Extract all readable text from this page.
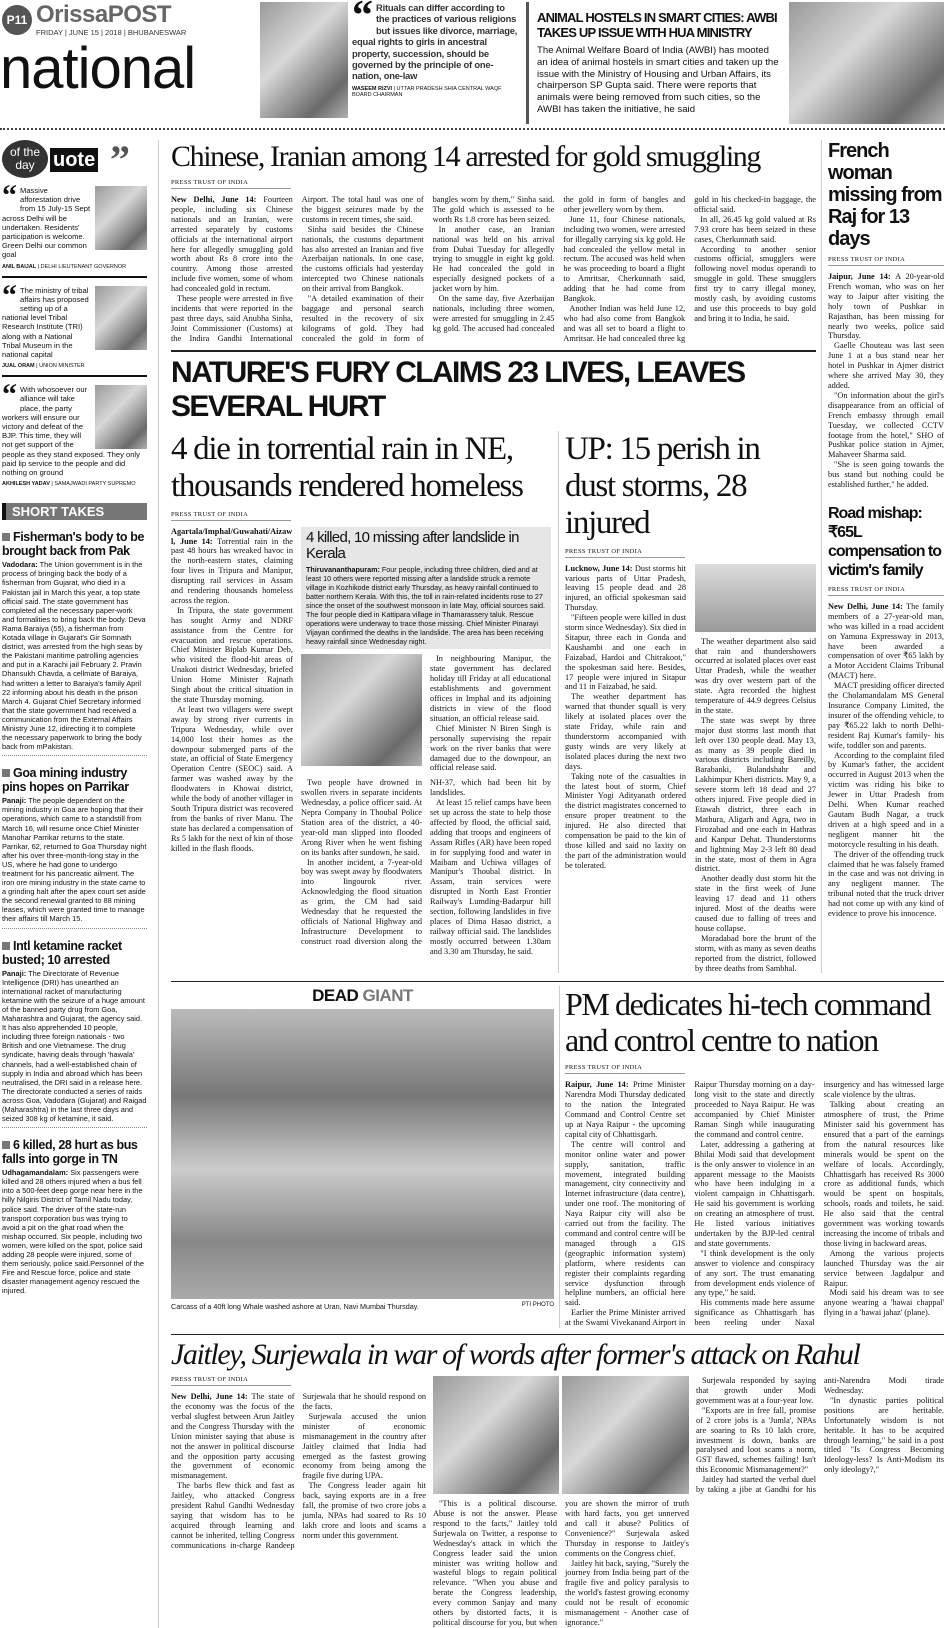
P11 OrissaPOST
FRIDAY | JUNE 15 | 2018 | BHUBANESWAR
national
“ Rituals can differ according to the practices of various religions but issues like divorce, marriage, equal rights to girls in ancestral property, succession, should be governed by the principle of one-nation, one-law
WASEEM RIZVI | UTTAR PRADESH SHIA CENTRAL WAQF BOARD CHAIRMAN
ANIMAL HOSTELS IN SMART CITIES: AWBI TAKES UP ISSUE WITH HUA MINISTRY
The Animal Welfare Board of India (AWBI) has mooted an idea of animal hostels in smart cities and taken up the issue with the Ministry of Housing and Urban Affairs, its chairperson SP Gupta said. There were reports that animals were being removed from such cities, so the AWBI has taken the initiative, he said
of the day uote ”
“ Massive afforestation drive from 15 July-15 Sept across Delhi will be undertaken. Residents' participation is welcome. Green Delhi our common goal
ANIL BAIJAL | DELHI LIEUTENANT GOVERNOR
“ The ministry of tribal affairs has proposed setting up of a national level Tribal Research Institute (TRI) along with a National Tribal Museum in the national capital
JUAL ORAM | UNION MINISTER
“ With whosoever our alliance will take place, the party workers will ensure our victory and defeat of the BJP. This time, they will not get support of the people as they stand exposed. They only paid lip service to the people and did nothing on ground
AKHILESH YADAV | SAMAJWADI PARTY SUPREMO
SHORT TAKES
Fisherman's body to be brought back from Pak
Vadodara: The Union government is in the process of bringing back the body of a fisherman from Gujarat, who died in a Pakistan jail in March this year, a top state official said. The state government has completed all the necessary paper-work and formalities to bring back the body. Deva Rama Baraiya (55), a fisherman from Kotada village in Gujarat's Gir Somnath district, was arrested from the high seas by the Pakistani maritime patrolling agencies and put in a Karachi jail February 2. Pravin Dhansukh Chavda, a cellmate of Baraiya, had written a letter to Baraiya's family April 22 informing about his death in the prison March 4. Gujarat Chief Secretary informed that the state government had received a communication from the External Affairs Ministry June 12, idirecting it to complete the necessary paperwork to bring the body back from mPakistan.
Goa mining industry pins hopes on Parrikar
Panaji: The people dependent on the mining industry in Goa are hoping that their operations, which came to a standstill from March 16, will resume once Chief Minister Manohar Parrikar returns to the state. Parrikar, 62, returned to Goa Thursday night after his over three-month-long stay in the US, where he had gone to undergo treatment for his pancreatic ailment. The iron ore mining industry in the state came to a grinding halt after the apex court set aside the second renewal granted to 88 mining leases, which were granted time to manage their affairs till March 15.
Intl ketamine racket busted; 10 arrested
Panaji: The Directorate of Revenue Intelligence (DRI) has unearthed an international racket of manufacturing ketamine with the seizure of a huge amount of the banned party drug from Goa, Maharashtra and Gujarat, the agency said. It has also apprehended 10 people, including three foreign nationals - two British and one Vietnamese. The drug syndicate, having deals through 'hawala' channels, had a well-established chain of supply in India and abroad which has been neutralised, the DRI said in a release here. The directorate conducted a series of raids across Goa, Vadodara (Gujarat) and Raigad (Maharashtra) in the last three days and seized 308 kg of ketamine, it said.
6 killed, 28 hurt as bus falls into gorge in TN
Udhagamandalam: Six passengers were killed and 28 others injured when a bus fell into a 500-feet deep gorge near here in the hilly Nilgiris District of Tamil Nadu today, police said. The driver of the state-run transport corporation bus was trying to avoid a pit on the ghat road when the mishap occurred. Six people, including two women, were killed on the spot, police said adding 28 people were injured, some of them seriously, police said.Personnel of the Fire and Rescue force, police and state disaster management agency rescued the injured.
Chinese, Iranian among 14 arrested for gold smuggling
PRESS TRUST OF INDIA

New Delhi, June 14: Fourteen people, including six Chinese nationals and an Iranian, were arrested separately by customs officials at the international airport here for allegedly smuggling gold worth about Rs 8 crore into the country. Among those arrested include five women, some of whom had concealed gold in rectum.

These people were arrested in five incidents that were reported in the past three days, said Anubha Sinha, Joint Commissioner (Customs) at the Indira Gandhi International Airport. The total haul was one of the biggest seizures made by the customs in recent times, she said.

Sinha said besides the Chinese nationals, the customs department has also arrested an Iranian and five Azerbaijan nationals. In one case, the customs officials had yesterday intercepted two Chinese nationals on their arrival from Bangkok.

"A detailed examination of their baggage and personal search resulted in the recovery of six kilograms of gold. They had concealed the gold in form of bangles worn by them," Sinha said. The gold which is assessed to be worth Rs 1.8 crore has been seized.

In another case, an Iranian national was held on his arrival from Dubai Tuesday for allegedly trying to smuggle in eight kg gold. He had concealed the gold in especially designed pockets of a jacket worn by him.

On the same day, five Azerbaijan nationals, including three women, were arrested for smuggling in 2.45 kg gold. The accused had concealed the gold in form of bangles and other jewellery worn by them.

June 11, four Chinese nationals, including two women, were arrested for illegally carrying six kg gold. He had concealed the yellow metal in rectum. The accused was held when he was proceeding to board a flight to Amritsar, Cherkunnath said, adding that he had come from Bangkok.

Another Indian was held June 12, who had also come from Bangkok and was all set to board a flight to Amritsar. He had concealed three kg gold in his checked-in baggage, the official said.

In all, 26.45 kg gold valued at Rs 7.93 crore has been seized in these cases, Cherkunnath said.

According to another senior customs official, smugglers were following novel modus operandi to smuggle in gold. These smugglers first try to carry illegal money, mostly cash, by avoiding customs and use this proceeds to buy gold and bring it to India, he said.

NATURE'S FURY CLAIMS 23 LIVES, LEAVES SEVERAL HURT
4 die in torrential rain in NE, thousands rendered homeless
PRESS TRUST OF INDIA

Agartala/Imphal/Guwahati/Aizawl, June 14: Torrential rain in the past 48 hours has wreaked havoc in the north-eastern states, claiming four lives in Tripura and Manipur, disrupting rail services in Assam and rendering thousands homeless across the region.

In Tripura, the state government has sought Army and NDRF assistance from the Centre for evacuation and rescue operations. Chief Minister Biplab Kumar Deb, who visited the flood-hit areas of Unakoti district Wednesday, briefed Union Home Minister Rajnath Singh about the critical situation in the state Thursday morning.

At least two villagers were swept away by strong river currents in Tripura Wednesday, while over 14,000 lost their homes as the downpour submerged parts of the state, an official of State Emergency Operation Centre (SEOC) said. A farmer was washed away by the floodwaters in Khowai district, while the body of another villager in South Tripura district was recovered from the banks of river Manu. The state has declared a compensation of Rs 5 lakh for the next of kin of those killed in the flash floods.

4 killed, 10 missing after landslide in Kerala
Thiruvananthapuram: Four people, including three children, died and at least 10 others were reported missing after a landslide struck a remote village in Kozhikode district early Thursday, as heavy rainfall continued to batter northern Kerala. With this, the toll in rain-related incidents rose to 27 since the onset of the southwest monsoon in late May, official sources said. The four people died in Kattipara village in Thamarassery taluk. Rescue operations were underway to trace those missing. Chief Minister Pinarayi Vijayan confirmed the deaths in the landslide. The area has been receiving heavy rainfall since Wednesday night.

In neighbouring Manipur, the state government has declared holiday till Friday at all educational establishments and government offices in Imphal and its adjoining districts in view of the flood situation, an official release said.

Chief Minister N Biren Singh is personally supervising the repair work on the river banks that were damaged due to the downpour, an official release said.

Two people have drowned in swollen rivers in separate incidents Wednesday, a police officer said. At Nepra Company in Thoubal Police Station area of the district, a 40-year-old man slipped into flooded Arong River when he went fishing on its banks after sundown, he said.

In another incident, a 7-year-old boy was swept away by floodwaters into Iingourok river. Acknowledging the flood situation as grim, the CM had said Wednesday that he requested the officials of National Highway and Infrastructure Development to construct road diversion along the NH-37, which had been hit by landslides.

At least 15 relief camps have been set up across the state to help those affected by flood, the official said, adding that troops and engineers of Assam Rifles (AR) have been roped in for supplying food and water in Maibam and Uchiwa villages of Manipur's Thoubal district. In Assam, train services were disrupted in North East Frontier Railway's Lumding-Badarpur hill section, following landslides in five places of Dima Hasao district, a railway official said. The landslides mostly occurred between 1.30am and 3.30 am Thursday, he said.

UP: 15 perish in dust storms, 28 injured
PRESS TRUST OF INDIA

Lucknow, June 14: Dust storms hit various parts of Uttar Pradesh, leaving 15 people dead and 28 injured, an official spokesman said Thursday.

"Fifteen people were killed in dust storm since Wednesday). Six died in Sitapur, three each in Gonda and Kaushambi and one each in Faizabad, Hardoi and Chitrakoot," the spokesman said here. Besides, 17 people were injured in Sitapur and 11 in Faizabad, he said.

The weather department has warned that thunder squall is very likely at isolated places over the state Friday, while rain and thunderstorm accompanied with gusty winds are very likely at isolated places during the next two days.

Taking note of the casualties in the latest bout of storm, Chief Minister Yogi Adityanath ordered the district magistrates concerned to ensure proper treatment to the injured. He also directed that compensation be paid to the kin of those killed and said no laxity on the part of the administration would be tolerated.

The weather department also said that rain and thundershowers occurred at isolated places over east Uttar Pradesh, while the weather was dry over western part of the state. Agra recorded the highest temperature of 44.9 degrees Celsius in the state.

The state was swept by three major dust storms last month that left over 130 people dead. May 13, as many as 39 people died in various districts including Bareilly, Barabanki, Bulandshahr and Lakhimpur Kheri districts. May 9, a severe storm left 18 dead and 27 others injured. Five people died in Etawah district, three each in Mathura, Aligarh and Agra, two in Firozabad and one each in Hathras and Kanpur Dehat. Thunderstorms and lightning May 2-3 left 80 dead in the state, most of them in Agra district.

Another deadly dust storm hit the state in the first week of June leaving 17 dead and 11 others injured. Most of the deaths were caused due to falling of trees and house collapse.

Moradabad bore the brunt of the storm, with as many as seven deaths reported from the district, followed by three deaths from Sambhal.

French woman missing from Raj for 13 days
PRESS TRUST OF INDIA

Jaipur, June 14: A 20-year-old French woman, who was on her way to Jaipur after visiting the holy town of Pushkar in Rajasthan, has been missing for nearly two weeks, police said Thursday.

Gaelle Chouteau was last seen June 1 at a bus stand near her hotel in Pushkar in Ajmer district where she arrived May 30, they added.

"On information about the girl's disappearance from an official of French embassy through email Tuesday, we collected CCTV footage from the hotel," SHO of Pushkar police station in Ajmer, Mahaveer Sharma said.

"She is seen going towards the bus stand but nothing could be established further," he added.

Road mishap: ₹65L compensation to victim's family
PRESS TRUST OF INDIA

New Delhi, June 14: The family members of a 27-year-old man, who was killed in a road accident on Yamuna Expressway in 2013, have been awarded a compensation of over ₹65 lakh by a Motor Accident Claims Tribunal (MACT) here.

MACT presiding officer directed the Cholamandalam MS General Insurance Company Limited, the insurer of the offending vehicle, to pay ₹65.22 lakh to north Delhi-resident Raj Kumar's family- his wife, toddler son and parents.

According to the complaint filed by Kumar's father, the accident occurred in August 2013 when the victim was riding his bike to Jewer in Uttar Pradesh from Delhi. When Kumar reached Gautam Budh Nagar, a truck driven at a high speed and in a negligent manner hit the motorcycle resulting in his death.

The driver of the offending truck claimed that he was falsely framed in the case and was not driving in any negligent manner. The tribunal noted that the truck driver had not come up with any kind of evidence to prove his innocence.

DEAD GIANT
Carcass of a 40ft long Whale washed ashore at Uran, Navi Mumbai Thursday.	PTI PHOTO
PM dedicates hi-tech command and control centre to nation
PRESS TRUST OF INDIA

Raipur, June 14: Prime Minister Narendra Modi Thursday dedicated to the nation the Integrated Command and Control Centre set up at Naya Raipur - the upcoming capital city of Chhattisgarh.

The centre will control and monitor online water and power supply, sanitation, traffic movement, integrated building management, city connectivity and Internet infrastructure (data centre), under one roof. The monitoring of Naya Raipur city will also be carried out from the facility. The command and control centre will be managed through a GIS (geographic information system) platform, where residents can register their complaints regarding service dysfunction through helpline numbers, an official here said.

Earlier the Prime Minister arrived at the Swami Vivekanand Airport in Raipur Thursday morning on a day-long visit to the state and directly proceeded to Naya Raipur. He was accompanied by Chief Minister Raman Singh while inaugurating the command and control centre.

Later, addressing a gathering at Bhilai Modi said that development is the only answer to violence in an apparent message to the Maoists who have been indulging in a violent campaign in Chhattisgarh. He said his government is working on creating an atmosphere of trust. He listed various initiatives undertaken by the BJP-led central and state governments.

"I think development is the only answer to violence and conspiracy of any sort. The trust emanating from development ends violence of any type," he said.

His comments made here assume significance as Chhattisgarh has been reeling under Naxal insurgency and has witnessed large scale violence by the ultras.

Talking about creating an atmosphere of trust, the Prime Minister said his government has ensured that a part of the earnings from the natural resources like minerals would be spent on the welfare of locals. Accordingly, Chhattisgarh has received Rs 3000 crore as additional funds, which would be spent on hospitals, schools, roads and toilets, he said. He also said that the central government was working towards increasing the income of tribals and those living in backward areas.

Among the various projects launched Thursday was the air service between Jagdalpur and Raipur.

Modi said his dream was to see anyone wearing a 'hawai chappal' flying in a 'hawai jahaz' (plane).

Jaitley, Surjewala in war of words after former's attack on Rahul
PRESS TRUST OF INDIA

New Delhi, June 14: The state of the economy was the focus of the verbal slugfest between Arun Jaitley and the Congress Thursday with the Union minister saying that abuse is not the answer in political discourse and the opposition party accusing the government of economic mismanagement.

The barbs flew thick and fast as Jaitley, who attacked Congress president Rahul Gandhi Wednesday saying that wisdom has to be acquired through learning and cannot be inherited, telling Congress communications in-charge Randeep Surjewala that he should respond on the facts.

Surjewala accused the union minister of economic mismanagement in the country after Jaitley claimed that India had emerged as the fastest growing economy from being among the fragile five during UPA.

The Congress leader again hit back, saying exports are in a free fall, the promise of two crore jobs a jumla, NPAs had soared to Rs 10 lakh crore and loots and scams a norm under this government.

"This is a political discourse. Abuse is not the answer. Please respond to the facts," Jaitley told Surjewala on Twitter, a response to Wednesday's attack in which the Congress leader said the union minister was writing hollow and wasteful blogs to regain political relevance. "When you abuse and berate the Congress leadership, every common Sanjay and many others by distorted facts, it is political discourse for you, but when you are shown the mirror of truth with hard facts, you get unnerved and call it abuse? Politics of Convenience?" Surjewala asked Thursday in response to Jaitley's comments on the Congress chief.

Jaitley hit back, saying, "Surely the journey from India being part of the fragile five and policy paralysis to the world's fastest growing economy could not be result of economic mismanagement - Another case of ignorance."

Surjewala responded by saying that growth under Modi government was at a four-year low.

"Exports are in free fall, promise of 2 crore jobs is a 'Jumla', NPAs are soaring to Rs 10 lakh crore, investment is down, banks are paralysed and loot scams a norm, GST flawed, schemes failing! Isn't this Economic Mismanagement?"

Jaitley had started the verbal duel by taking a jibe at Gandhi for his anti-Narendra Modi tirade Wednesday.

"In dynastic parties political positions are heritable. Unfortunately wisdom is not heritable. It has to be acquired through learning," he said in a post titled "Is Congress Becoming Ideology-less? Is Anti-Modism its only ideology?,"
